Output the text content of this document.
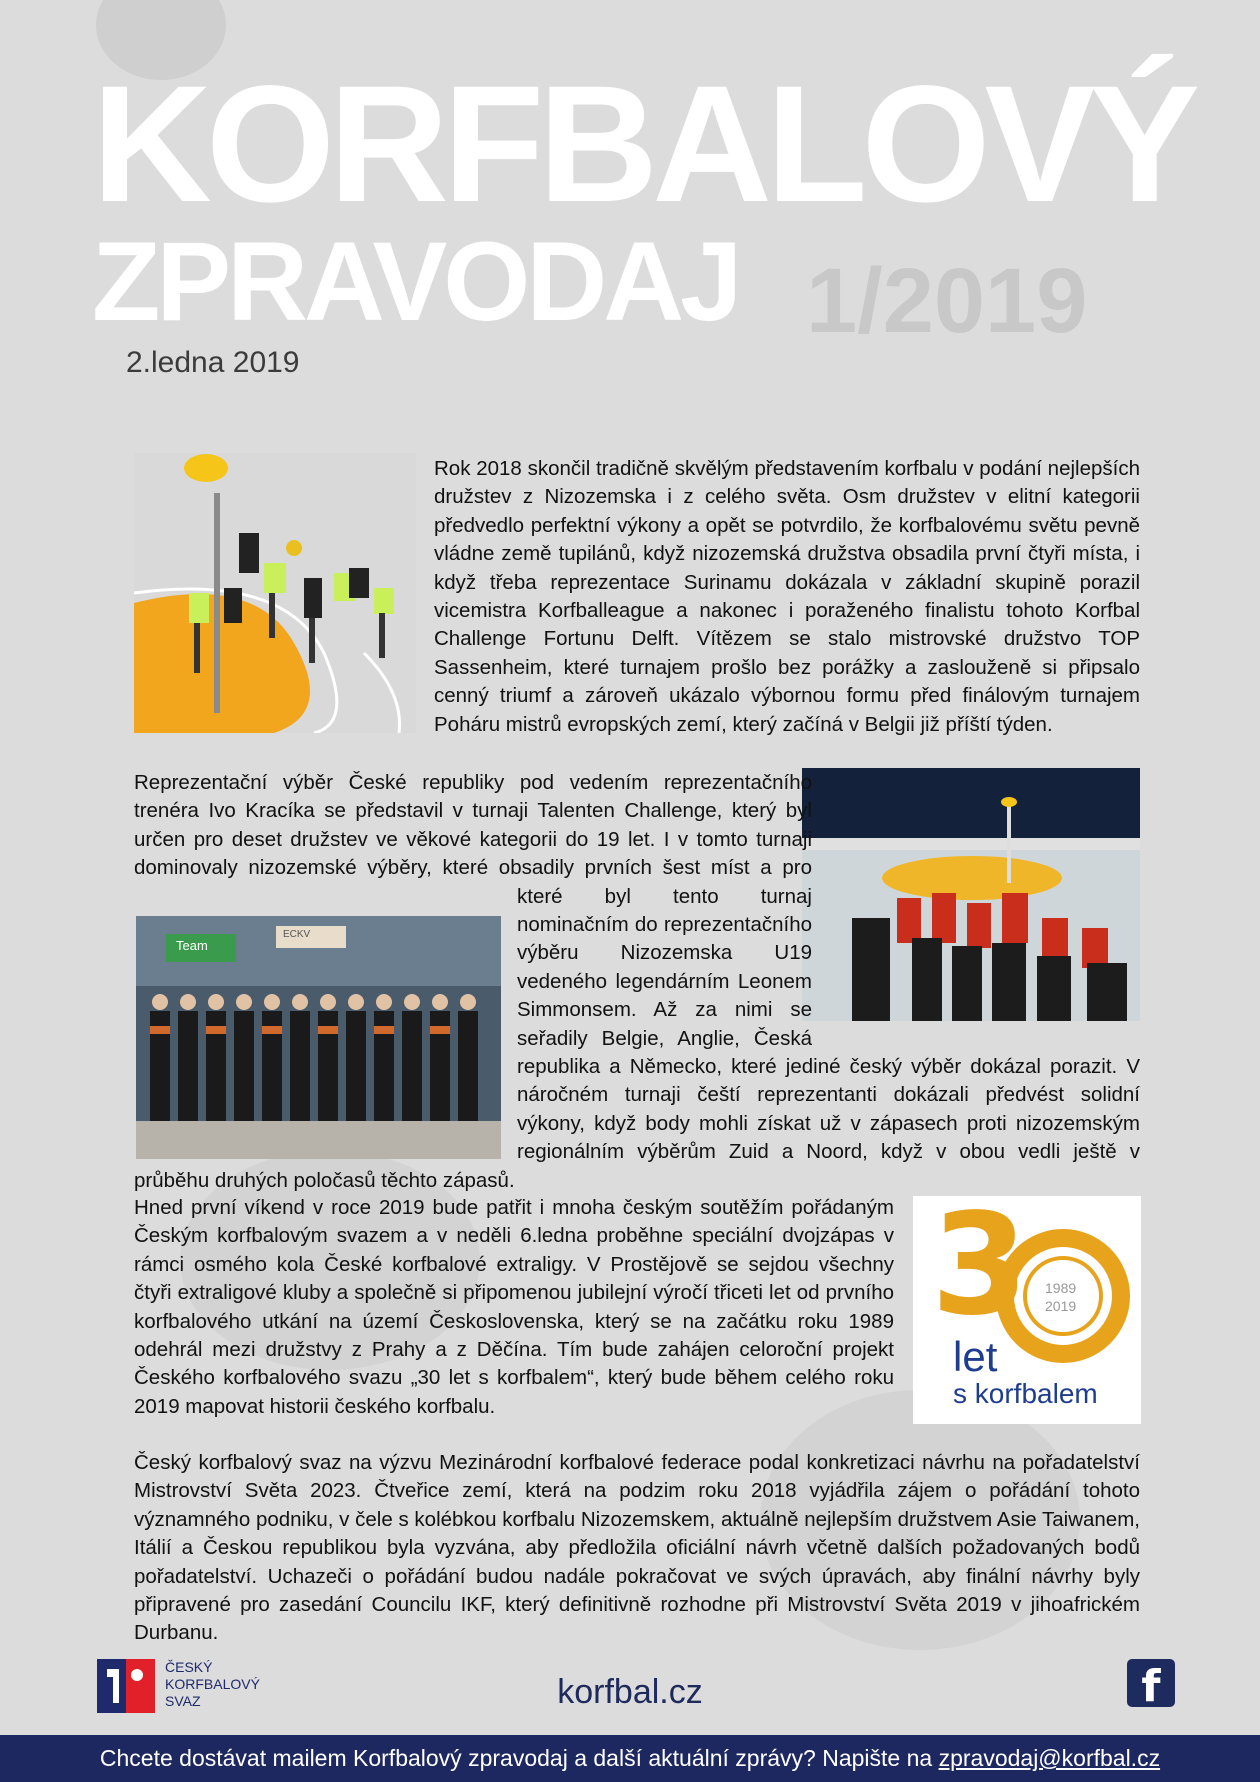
KORFBALOVÝ
ZPRAVODAJ 1/2019
2.ledna 2019

Rok 2018 skončil tradičně skvělým představením korfbalu v podání nejlepších družstev z Nizozemska i z celého světa. Osm družstev v elitní kategorii předvedlo perfektní výkony a opět se potvrdilo, že korfbalovému světu pevně vládne země tupilánů, když nizozemská družstva obsadila první čtyři místa, i když třeba reprezentace Surinamu dokázala v základní skupině porazil vicemistra Korfballeague a nakonec i poraženého finalistu tohoto Korfbal Challenge Fortunu Delft. Vítězem se stalo mistrovské družstvo TOP Sassenheim, které turnajem prošlo bez porážky a zaslouženě si připsalo cenný triumf a zároveň ukázalo výbornou formu před finálovým turnajem Poháru mistrů evropských zemí, který začíná v Belgii již příští týden.

Team
ECKV
Reprezentační výběr České republiky pod vedením reprezentačního trenéra Ivo Kracíka se představil v turnaji Talenten Challenge, který byl určen pro deset družstev ve věkové kategorii do 19 let. I v tomto turnaji dominovaly nizozemské výběry, které obsadily prvních šest míst a pro které byl tento turnaj nominačním do reprezentačního výběru Nizozemska U19 vedeného legendárním Leonem Simmonsem. Až za nimi se seřadily Belgie, Anglie, Česká republika a Německo, které jediné český výběr dokázal porazit. V náročném turnaji čeští reprezentanti dokázali předvést solidní výkony, když body mohli získat už v zápasech proti nizozemským regionálním výběrům Zuid a Noord, když v obou vedli ještě v průběhu druhých poločasů těchto zápasů.

Hned první víkend v roce 2019 bude patřit i mnoha českým soutěžím pořádaným Českým korfbalovým svazem a v neděli 6.ledna proběhne speciální dvojzápas v rámci osmého kola České korfbalové extraligy. V Prostějově se sejdou všechny čtyři extraligové kluby a společně si připomenou jubilejní výročí třiceti let od prvního korfbalového utkání na území Československa, který se na začátku roku 1989 odehrál mezi družstvy z Prahy a z Děčína. Tím bude zahájen celoroční projekt Českého korfbalového svazu „30 let s korfbalem“, který bude během celého roku 2019 mapovat historii českého korfbalu.

3 1989
2019
let
s korfbalem

Český korfbalový svaz na výzvu Mezinárodní korfbalové federace podal konkretizaci návrhu na pořadatelství Mistrovství Světa 2023. Čtveřice zemí, která na podzim roku 2018 vyjádřila zájem o pořádání tohoto významného podniku, v čele s kolébkou korfbalu Nizozemskem, aktuálně nejlepším družstvem Asie Taiwanem, Itálií a Českou republikou byla vyzvána, aby předložila oficiální návrh včetně dalších požadovaných bodů pořadatelství. Uchazeči o pořádání budou nadále pokračovat ve svých úpravách, aby finální návrhy byly připravené pro zasedání Councilu IKF, který definitivně rozhodne při Mistrovství Světa 2019 v jihoafrickém Durbanu.

ČESKÝ
KORFBALOVÝ
SVAZ	korfbal.cz	f
Chcete dostávat mailem Korfbalový zpravodaj a další aktuální zprávy? Napište na zpravodaj@korfbal.cz
